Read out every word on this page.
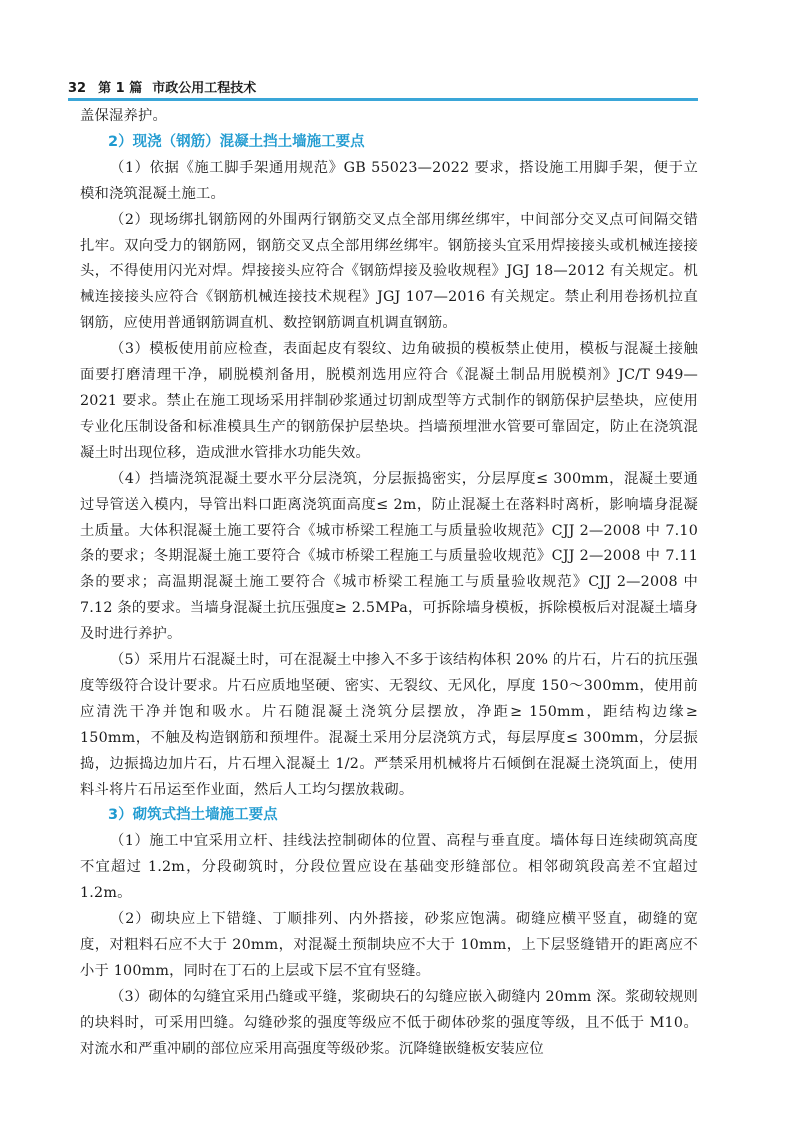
32 第 1 篇 市政公用工程技术

盖保湿养护。

2）现浇（钢筋）混凝土挡土墙施工要点

（1）依据《施工脚手架通用规范》GB 55023—2022 要求，搭设施工用脚手架，便于立模和浇筑混凝土施工。

（2）现场绑扎钢筋网的外围两行钢筋交叉点全部用绑丝绑牢，中间部分交叉点可间隔交错扎牢。双向受力的钢筋网，钢筋交叉点全部用绑丝绑牢。钢筋接头宜采用焊接接头或机械连接接头，不得使用闪光对焊。焊接接头应符合《钢筋焊接及验收规程》JGJ 18—2012 有关规定。机械连接接头应符合《钢筋机械连接技术规程》JGJ 107—2016 有关规定。禁止利用卷扬机拉直钢筋，应使用普通钢筋调直机、数控钢筋调直机调直钢筋。

（3）模板使用前应检查，表面起皮有裂纹、边角破损的模板禁止使用，模板与混凝土接触面要打磨清理干净，刷脱模剂备用，脱模剂选用应符合《混凝土制品用脱模剂》JC/T 949—2021 要求。禁止在施工现场采用拌制砂浆通过切割成型等方式制作的钢筋保护层垫块，应使用专业化压制设备和标准模具生产的钢筋保护层垫块。挡墙预埋泄水管要可靠固定，防止在浇筑混凝土时出现位移，造成泄水管排水功能失效。

（4）挡墙浇筑混凝土要水平分层浇筑，分层振捣密实，分层厚度≤ 300mm，混凝土要通过导管送入模内，导管出料口距离浇筑面高度≤ 2m，防止混凝土在落料时离析，影响墙身混凝土质量。大体积混凝土施工要符合《城市桥梁工程施工与质量验收规范》CJJ 2—2008 中 7.10 条的要求；冬期混凝土施工要符合《城市桥梁工程施工与质量验收规范》CJJ 2—2008 中 7.11 条的要求；高温期混凝土施工要符合《城市桥梁工程施工与质量验收规范》CJJ 2—2008 中 7.12 条的要求。当墙身混凝土抗压强度≥ 2.5MPa，可拆除墙身模板，拆除模板后对混凝土墙身及时进行养护。

（5）采用片石混凝土时，可在混凝土中掺入不多于该结构体积 20% 的片石，片石的抗压强度等级符合设计要求。片石应质地坚硬、密实、无裂纹、无风化，厚度 150～300mm，使用前应清洗干净并饱和吸水。片石随混凝土浇筑分层摆放，净距≥ 150mm，距结构边缘≥ 150mm，不触及构造钢筋和预埋件。混凝土采用分层浇筑方式，每层厚度≤ 300mm，分层振捣，边振捣边加片石，片石埋入混凝土 1/2。严禁采用机械将片石倾倒在混凝土浇筑面上，使用料斗将片石吊运至作业面，然后人工均匀摆放栽砌。

3）砌筑式挡土墙施工要点

（1）施工中宜采用立杆、挂线法控制砌体的位置、高程与垂直度。墙体每日连续砌筑高度不宜超过 1.2m，分段砌筑时，分段位置应设在基础变形缝部位。相邻砌筑段高差不宜超过 1.2m。

（2）砌块应上下错缝、丁顺排列、内外搭接，砂浆应饱满。砌缝应横平竖直，砌缝的宽度，对粗料石应不大于 20mm，对混凝土预制块应不大于 10mm，上下层竖缝错开的距离应不小于 100mm，同时在丁石的上层或下层不宜有竖缝。

（3）砌体的勾缝宜采用凸缝或平缝，浆砌块石的勾缝应嵌入砌缝内 20mm 深。浆砌较规则的块料时，可采用凹缝。勾缝砂浆的强度等级应不低于砌体砂浆的强度等级，且不低于 M10。对流水和严重冲刷的部位应采用高强度等级砂浆。沉降缝嵌缝板安装应位
